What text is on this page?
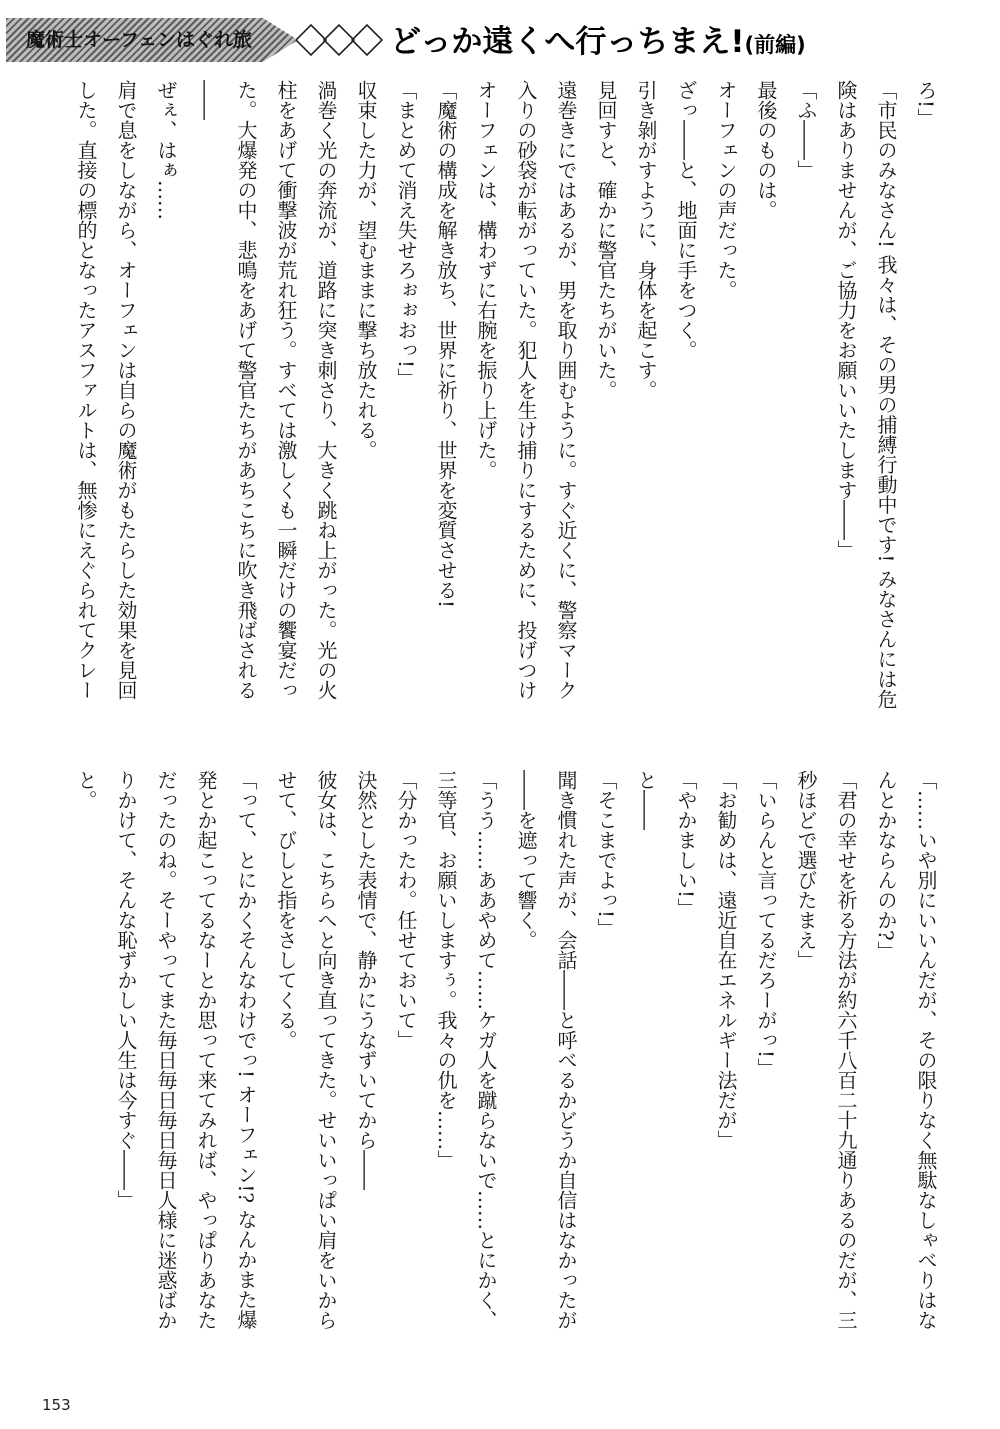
魔術士オーフェンはぐれ旅	どっか遠くへ行っちまえ!(前編)

ろ!」

「市民のみなさん! 我々は、その男の捕縛行動中です! みなさんには危険はありませんが、ご協力をお願いいたします――」

「ふ――」

最後のものは。

オーフェンの声だった。

ざっ――と、地面に手をつく。

引き剝がすように、身体を起こす。

見回すと、確かに警官たちがいた。

遠巻きにではあるが、男を取り囲むように。すぐ近くに、警察マーク入りの砂袋が転がっていた。犯人を生け捕りにするために、投げつけ

オーフェンは、構わずに右腕を振り上げた。

「魔術の構成を解き放ち、世界に祈り、世界を変質させる!

「まとめて消え失せろぉぉおっ!」

収束した力が、望むままに撃ち放たれる。

渦巻く光の奔流が、道路に突き刺さり、大きく跳ね上がった。光の火柱をあげて衝撃波が荒れ狂う。すべては激しくも一瞬だけの饗宴だった。大爆発の中、悲鳴をあげて警官たちがあちこちに吹き飛ばされる――

ぜぇ、はぁ……

肩で息をしながら、オーフェンは自らの魔術がもたらした効果を見回した。直接の標的となったアスファルトは、無惨にえぐられてクレー

「……いや別にいいんだが、その限りなく無駄なしゃべりはなんとかならんのか?」

「君の幸せを祈る方法が約六千八百二十九通りあるのだが、三秒ほどで選びたまえ」

「いらんと言ってるだろーがっ!」

「お勧めは、遠近自在エネルギー法だが」

「やかましい!」

と――

「そこまでよっ!」

聞き慣れた声が、会話――と呼べるかどうか自信はなかったが――を遮って響く。

「うう……ああやめて……ケガ人を蹴らないで……とにかく、三等官、お願いしますぅ。我々の仇を……」

「分かったわ。任せておいて」

決然とした表情で、静かにうなずいてから――

彼女は、こちらへと向き直ってきた。せいいっぱい肩をいからせて、びしと指をさしてくる。

「って、とにかくそんなわけでっ! オーフェン!? なんかまた爆発とか起こってるなーとか思って来てみれば、やっぱりあなただったのね。そーやってまた毎日毎日毎日毎日人様に迷惑ばかりかけて、そんな恥ずかしい人生は今すぐ――」

と。

153
